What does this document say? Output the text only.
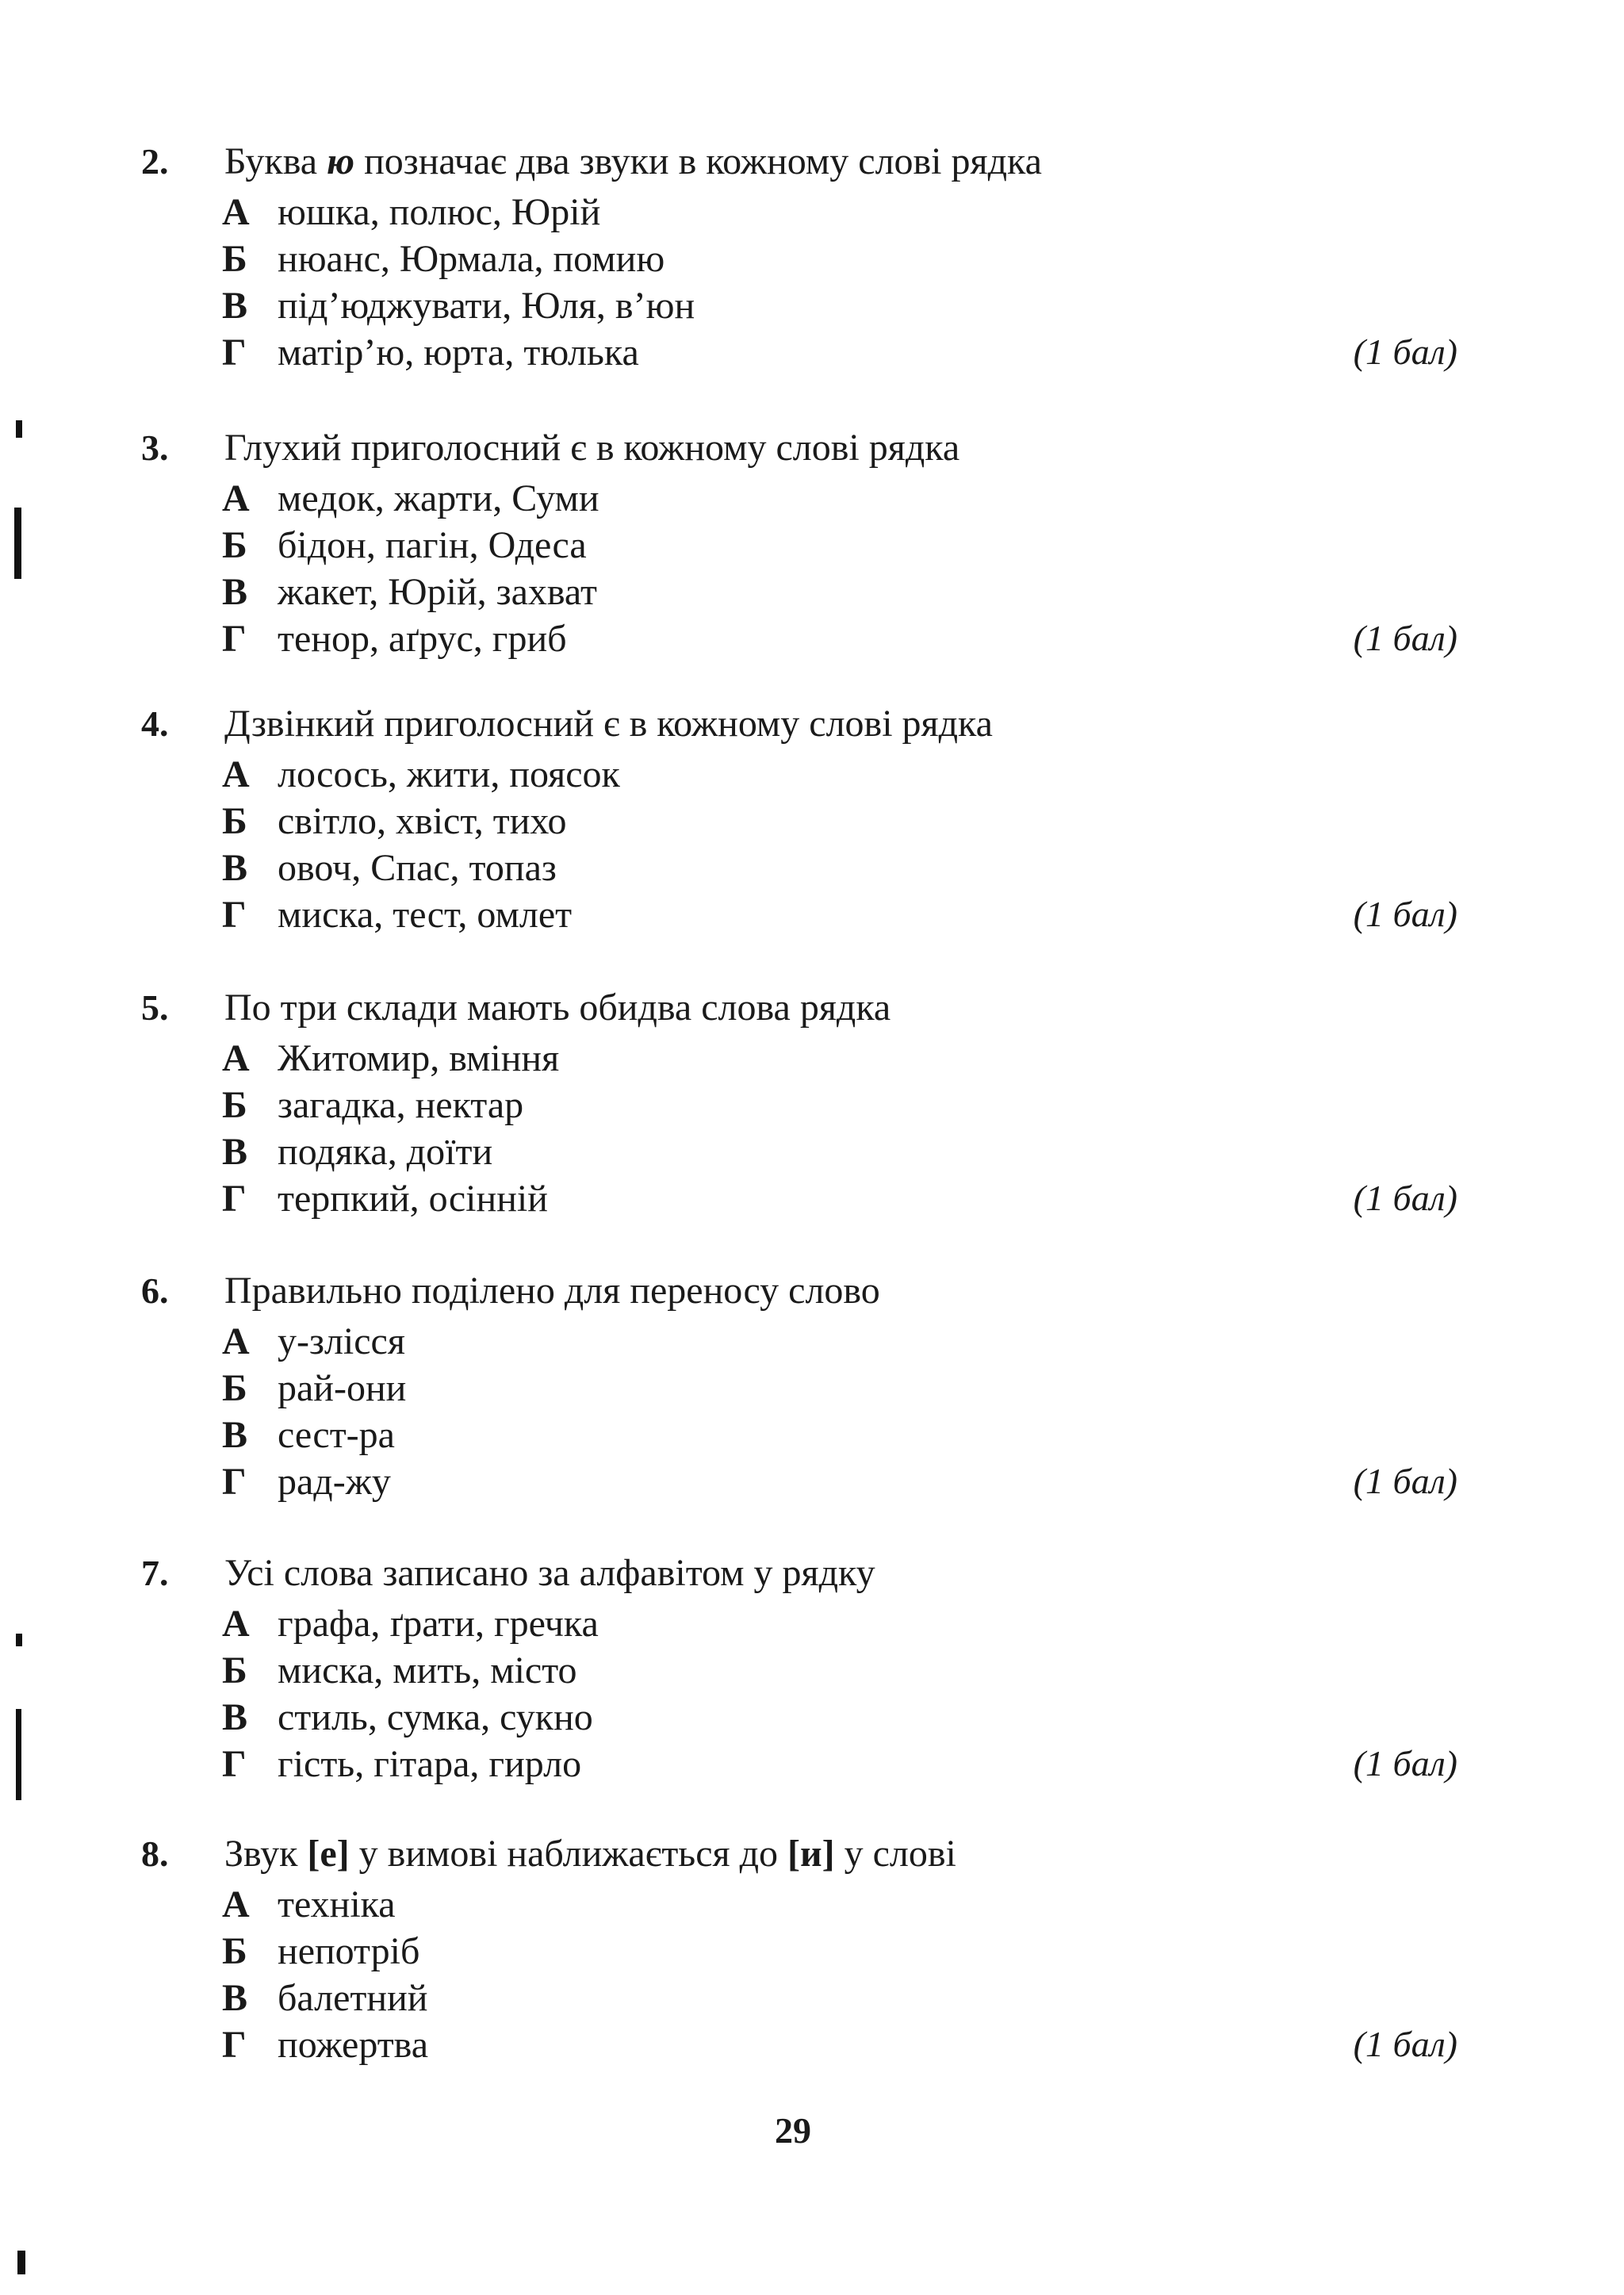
2.	Буква ю позначає два звуки в кожному слові рядка
А юшка, полюс, Юрій
Б нюанс, Юрмала, помию
В під’юджувати, Юля, в’юн
Г матір’ю, юрта, тюлька	(1 бал)
3.	Глухий приголосний є в кожному слові рядка
А медок, жарти, Суми
Б бідон, пагін, Одеса
В жакет, Юрій, захват
Г тенор, аґрус, гриб	(1 бал)
4.	Дзвінкий приголосний є в кожному слові рядка
А лосось, жити, поясок
Б світло, хвіст, тихо
В овоч, Спас, топаз
Г миска, тест, омлет	(1 бал)
5.	По три склади мають обидва слова рядка
А Житомир, вміння
Б загадка, нектар
В подяка, доїти
Г терпкий, осінній	(1 бал)
6.	Правильно поділено для переносу слово
А у-злісся
Б рай-они
В сест-ра
Г рад-жу	(1 бал)
7.	Усі слова записано за алфавітом у рядку
А графа, ґрати, гречка
Б миска, мить, місто
В стиль, сумка, сукно
Г гість, гітара, гирло	(1 бал)
8.	Звук [е] у вимові наближається до [и] у слові
А техніка
Б непотріб
В балетний
Г пожертва	(1 бал)
29
